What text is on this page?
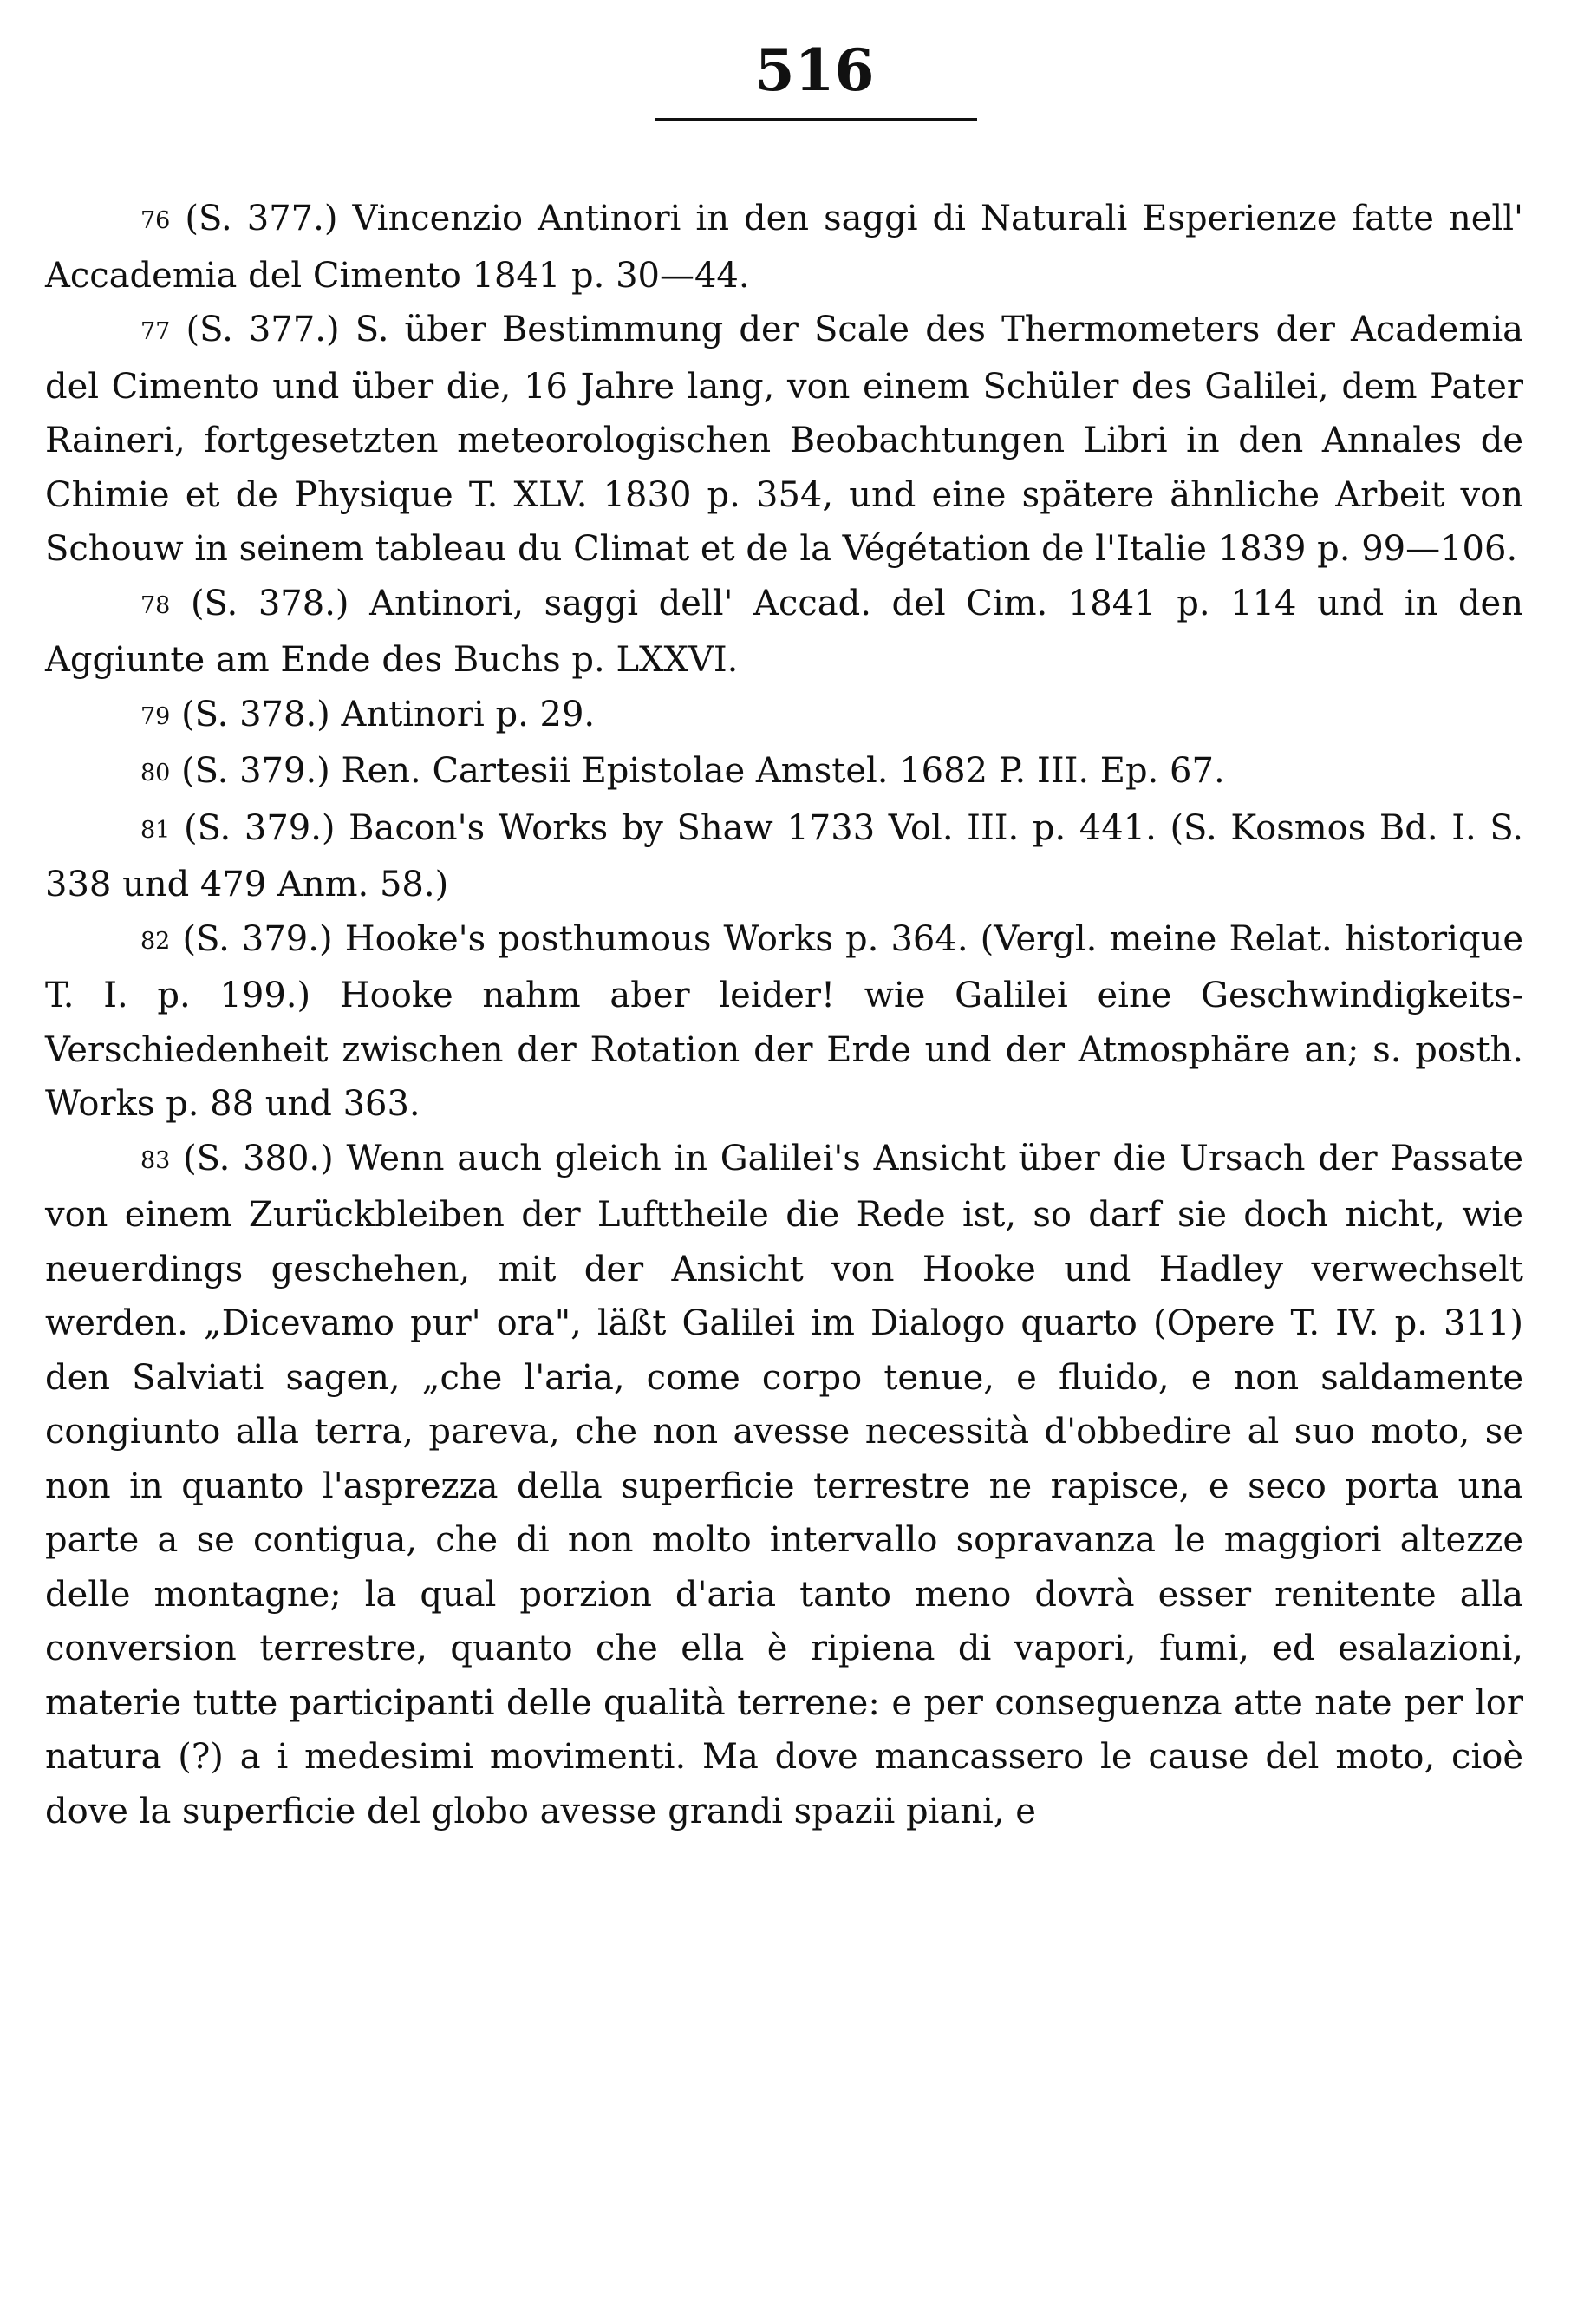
516

76 (S. 377.) Vincenzio Antinori in den saggi di Naturali Esperienze fatte nell' Accademia del Cimento 1841 p. 30—44.

77 (S. 377.) S. über Bestimmung der Scale des Thermometers der Academia del Cimento und über die, 16 Jahre lang, von einem Schüler des Galilei, dem Pater Raineri, fortgesetzten meteorologischen Beobachtungen Libri in den Annales de Chimie et de Physique T. XLV. 1830 p. 354, und eine spätere ähnliche Arbeit von Schouw in seinem tableau du Climat et de la Végétation de l'Italie 1839 p. 99—106.

78 (S. 378.) Antinori, saggi dell' Accad. del Cim. 1841 p. 114 und in den Aggiunte am Ende des Buchs p. LXXVI.

79 (S. 378.) Antinori p. 29.

80 (S. 379.) Ren. Cartesii Epistolae Amstel. 1682 P. III. Ep. 67.

81 (S. 379.) Bacon's Works by Shaw 1733 Vol. III. p. 441. (S. Kosmos Bd. I. S. 338 und 479 Anm. 58.)

82 (S. 379.) Hooke's posthumous Works p. 364. (Vergl. meine Relat. historique T. I. p. 199.) Hooke nahm aber leider! wie Galilei eine Geschwindigkeits-Verschiedenheit zwischen der Rotation der Erde und der Atmosphäre an; s. posth. Works p. 88 und 363.

83 (S. 380.) Wenn auch gleich in Galilei's Ansicht über die Ursach der Passate von einem Zurückbleiben der Lufttheile die Rede ist, so darf sie doch nicht, wie neuerdings geschehen, mit der Ansicht von Hooke und Hadley verwechselt werden. „Dicevamo pur' ora", läßt Galilei im Dialogo quarto (Opere T. IV. p. 311) den Salviati sagen, „che l'aria, come corpo tenue, e fluido, e non saldamente congiunto alla terra, pareva, che non avesse necessità d'obbedire al suo moto, se non in quanto l'asprezza della superficie terrestre ne rapisce, e seco porta una parte a se contigua, che di non molto intervallo sopravanza le maggiori altezze delle montagne; la qual porzion d'aria tanto meno dovrà esser renitente alla conversion terrestre, quanto che ella è ripiena di vapori, fumi, ed esalazioni, materie tutte participanti delle qualità terrene: e per conseguenza atte nate per lor natura (?) a i medesimi movimenti. Ma dove mancassero le cause del moto, cioè dove la superficie del globo avesse grandi spazii piani, e
